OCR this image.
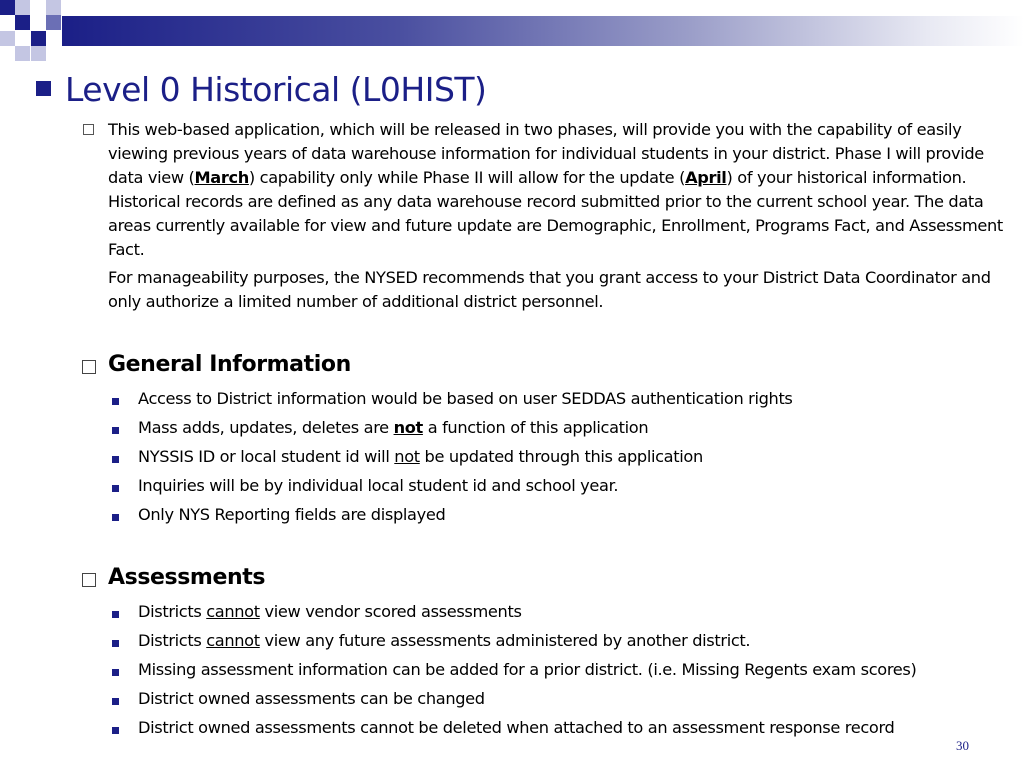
Level 0 Historical (L0HIST)
This web-based application, which will be released in two phases, will provide you with the capability of easily viewing previous years of data warehouse information for individual students in your district. Phase I will provide data view (March) capability only while Phase II will allow for the update (April) of your historical information. Historical records are defined as any data warehouse record submitted prior to the current school year. The data areas currently available for view and future update are Demographic, Enrollment, Programs Fact, and Assessment Fact.
For manageability purposes, the NYSED recommends that you grant access to your District Data Coordinator and only authorize a limited number of additional district personnel.
General Information
Access to District information would be based on user SEDDAS authentication rights
Mass adds, updates, deletes are not a function of this application
NYSSIS ID or local student id will not be updated through this application
Inquiries will be by individual local student id and school year.
Only NYS Reporting fields are displayed
Assessments
Districts cannot view vendor scored assessments
Districts cannot view any future assessments administered by another district.
Missing assessment information can be added for a prior district. (i.e. Missing Regents exam scores)
District owned assessments can be changed
District owned assessments cannot be deleted when attached to an assessment response record
30
